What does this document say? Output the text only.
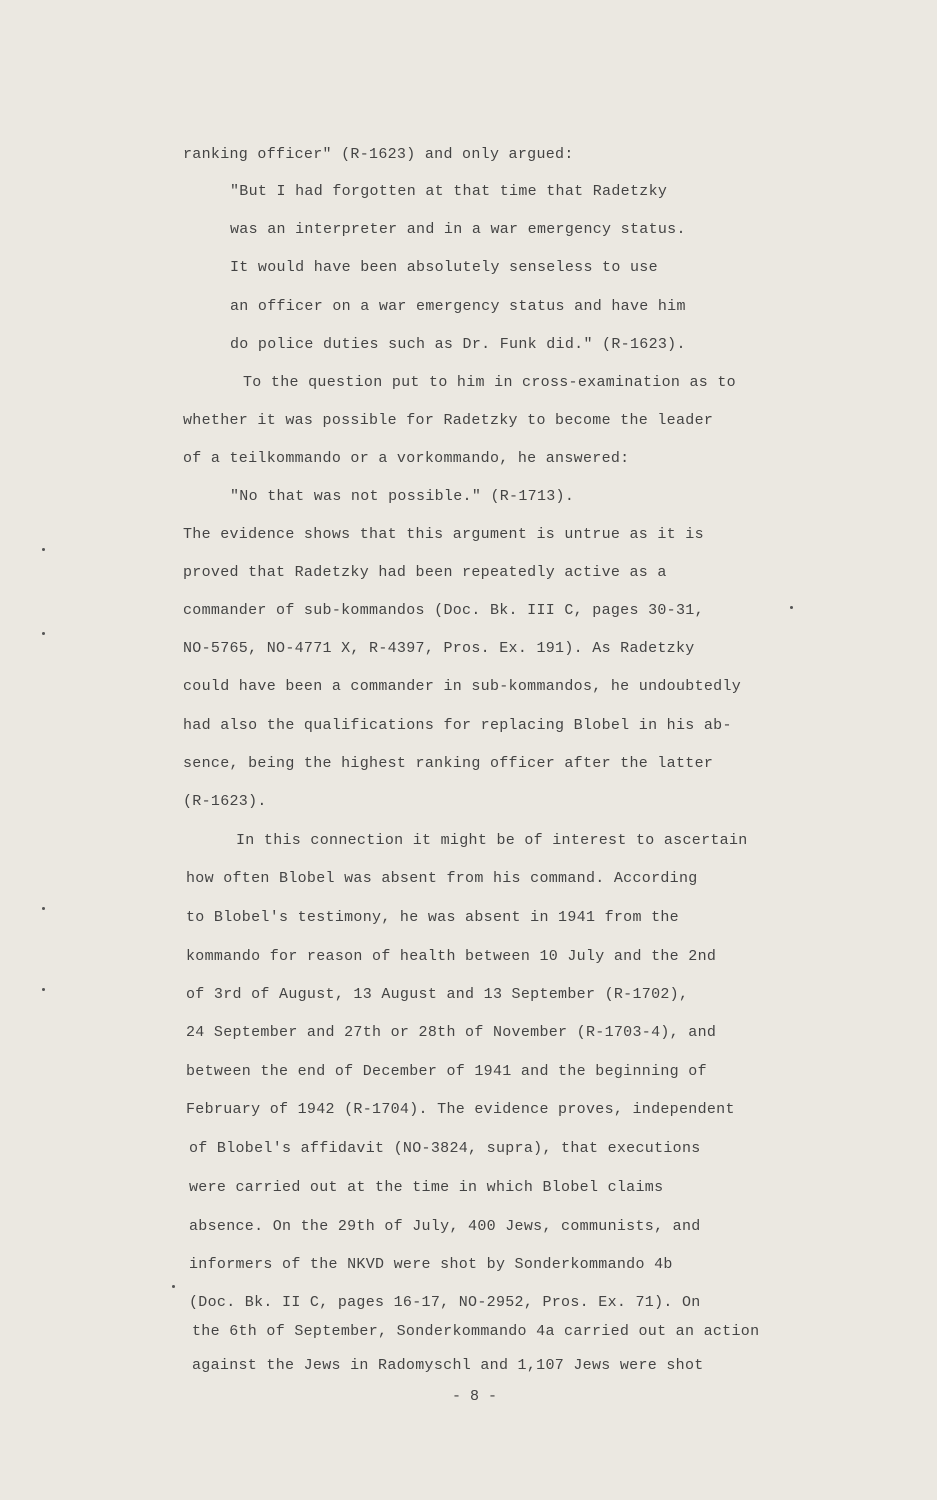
ranking officer" (R-1623) and only argued:
"But I had forgotten at that time that Radetzky
was an interpreter and in a war emergency status.
It would have been absolutely senseless to use
an officer on a war emergency status and have him
do police duties such as Dr. Funk did." (R-1623).
To the question put to him in cross-examination as to
whether it was possible for Radetzky to become the leader
of a teilkommando or a vorkommando, he answered:
"No that was not possible." (R-1713).
The evidence shows that this argument is untrue as it is
proved that Radetzky had been repeatedly active as a
commander of sub-kommandos (Doc. Bk. III C, pages 30-31,
NO-5765, NO-4771 X, R-4397, Pros. Ex. 191). As Radetzky
could have been a commander in sub-kommandos, he undoubtedly
had also the qualifications for replacing Blobel in his ab-
sence, being the highest ranking officer after the latter
(R-1623).
In this connection it might be of interest to ascertain
how often Blobel was absent from his command. According
to Blobel's testimony, he was absent in 1941 from the
kommando for reason of health between 10 July and the 2nd
of 3rd of August, 13 August and 13 September (R-1702),
24 September and 27th or 28th of November (R-1703-4), and
between the end of December of 1941 and the beginning of
February of 1942 (R-1704). The evidence proves, independent
of Blobel's affidavit (NO-3824, supra), that executions
were carried out at the time in which Blobel claims
absence. On the 29th of July, 400 Jews, communists, and
informers of the NKVD were shot by Sonderkommando 4b
(Doc. Bk. II C, pages 16-17, NO-2952, Pros. Ex. 71). On
the 6th of September, Sonderkommando 4a carried out an action
against the Jews in Radomyschl and 1,107 Jews were shot
- 8 -
